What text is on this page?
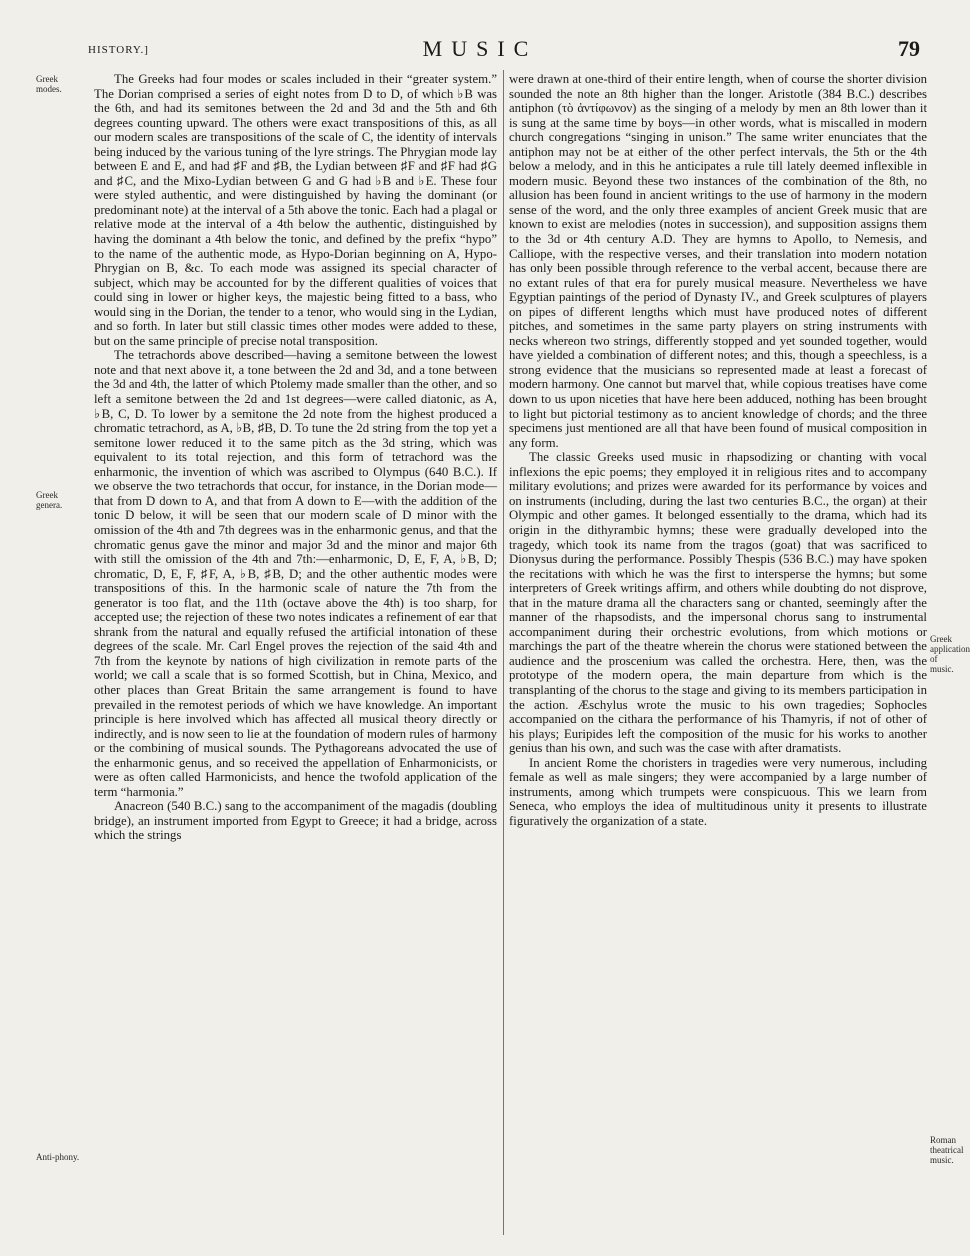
HISTORY.]	MUSIC	79
Greek modes.
Greek genera.
Anti-phony.
Greek application of music.
Roman theatrical music.

The Greeks had four modes or scales included in their “greater system.” The Dorian comprised a series of eight notes from D to D, of which ♭B was the 6th, and had its semitones between the 2d and 3d and the 5th and 6th degrees counting upward. The others were exact transpositions of this, as all our modern scales are transpositions of the scale of C, the identity of intervals being induced by the various tuning of the lyre strings. The Phrygian mode lay between E and E, and had ♯F and ♯B, the Lydian between ♯F and ♯F had ♯G and ♯C, and the Mixo-Lydian between G and G had ♭B and ♭E. These four were styled authentic, and were distinguished by having the dominant (or predominant note) at the interval of a 5th above the tonic. Each had a plagal or relative mode at the interval of a 4th below the authentic, distinguished by having the dominant a 4th below the tonic, and defined by the prefix “hypo” to the name of the authentic mode, as Hypo-Dorian beginning on A, Hypo-Phrygian on B, &c. To each mode was assigned its special character of subject, which may be accounted for by the different qualities of voices that could sing in lower or higher keys, the majestic being fitted to a bass, who would sing in the Dorian, the tender to a tenor, who would sing in the Lydian, and so forth. In later but still classic times other modes were added to these, but on the same principle of precise notal transposition.

The tetrachords above described—having a semitone between the lowest note and that next above it, a tone between the 2d and 3d, and a tone between the 3d and 4th, the latter of which Ptolemy made smaller than the other, and so left a semitone between the 2d and 1st degrees—were called diatonic, as A, ♭B, C, D. To lower by a semitone the 2d note from the highest produced a chromatic tetrachord, as A, ♭B, ♯B, D. To tune the 2d string from the top yet a semitone lower reduced it to the same pitch as the 3d string, which was equivalent to its total rejection, and this form of tetrachord was the enharmonic, the invention of which was ascribed to Olympus (640 B.C.). If we observe the two tetrachords that occur, for instance, in the Dorian mode—that from D down to A, and that from A down to E—with the addition of the tonic D below, it will be seen that our modern scale of D minor with the omission of the 4th and 7th degrees was in the enharmonic genus, and that the chromatic genus gave the minor and major 3d and the minor and major 6th with still the omission of the 4th and 7th:—enharmonic, D, E, F, A, ♭B, D; chromatic, D, E, F, ♯F, A, ♭B, ♯B, D; and the other authentic modes were transpositions of this. In the harmonic scale of nature the 7th from the generator is too flat, and the 11th (octave above the 4th) is too sharp, for accepted use; the rejection of these two notes indicates a refinement of ear that shrank from the natural and equally refused the artificial intonation of these degrees of the scale. Mr. Carl Engel proves the rejection of the said 4th and 7th from the keynote by nations of high civilization in remote parts of the world; we call a scale that is so formed Scottish, but in China, Mexico, and other places than Great Britain the same arrangement is found to have prevailed in the remotest periods of which we have knowledge. An important principle is here involved which has affected all musical theory directly or indirectly, and is now seen to lie at the foundation of modern rules of harmony or the combining of musical sounds. The Pythagoreans advocated the use of the enharmonic genus, and so received the appellation of Enharmonicists, or were as often called Harmonicists, and hence the twofold application of the term “harmonia.”

Anacreon (540 B.C.) sang to the accompaniment of the magadis (doubling bridge), an instrument imported from Egypt to Greece; it had a bridge, across which the strings

were drawn at one-third of their entire length, when of course the shorter division sounded the note an 8th higher than the longer. Aristotle (384 B.C.) describes antiphon (τὸ ἀντίφωνον) as the singing of a melody by men an 8th lower than it is sung at the same time by boys—in other words, what is miscalled in modern church congregations “singing in unison.” The same writer enunciates that the antiphon may not be at either of the other perfect intervals, the 5th or the 4th below a melody, and in this he anticipates a rule till lately deemed inflexible in modern music. Beyond these two instances of the combination of the 8th, no allusion has been found in ancient writings to the use of harmony in the modern sense of the word, and the only three examples of ancient Greek music that are known to exist are melodies (notes in succession), and supposition assigns them to the 3d or 4th century A.D. They are hymns to Apollo, to Nemesis, and Calliope, with the respective verses, and their translation into modern notation has only been possible through reference to the verbal accent, because there are no extant rules of that era for purely musical measure. Nevertheless we have Egyptian paintings of the period of Dynasty IV., and Greek sculptures of players on pipes of different lengths which must have produced notes of different pitches, and sometimes in the same party players on string instruments with necks whereon two strings, differently stopped and yet sounded together, would have yielded a combination of different notes; and this, though a speechless, is a strong evidence that the musicians so represented made at least a forecast of modern harmony. One cannot but marvel that, while copious treatises have come down to us upon niceties that have here been adduced, nothing has been brought to light but pictorial testimony as to ancient knowledge of chords; and the three specimens just mentioned are all that have been found of musical composition in any form.

The classic Greeks used music in rhapsodizing or chanting with vocal inflexions the epic poems; they employed it in religious rites and to accompany military evolutions; and prizes were awarded for its performance by voices and on instruments (including, during the last two centuries B.C., the organ) at their Olympic and other games. It belonged essentially to the drama, which had its origin in the dithyrambic hymns; these were gradually developed into the tragedy, which took its name from the tragos (goat) that was sacrificed to Dionysus during the performance. Possibly Thespis (536 B.C.) may have spoken the recitations with which he was the first to intersperse the hymns; but some interpreters of Greek writings affirm, and others while doubting do not disprove, that in the mature drama all the characters sang or chanted, seemingly after the manner of the rhapsodists, and the impersonal chorus sang to instrumental accompaniment during their orchestric evolutions, from which motions or marchings the part of the theatre wherein the chorus were stationed between the audience and the proscenium was called the orchestra. Here, then, was the prototype of the modern opera, the main departure from which is the transplanting of the chorus to the stage and giving to its members participation in the action. Æschylus wrote the music to his own tragedies; Sophocles accompanied on the cithara the performance of his Thamyris, if not of other of his plays; Euripides left the composition of the music for his works to another genius than his own, and such was the case with after dramatists.

In ancient Rome the choristers in tragedies were very numerous, including female as well as male singers; they were accompanied by a large number of instruments, among which trumpets were conspicuous. This we learn from Seneca, who employs the idea of multitudinous unity it presents to illustrate figuratively the organization of a state.
